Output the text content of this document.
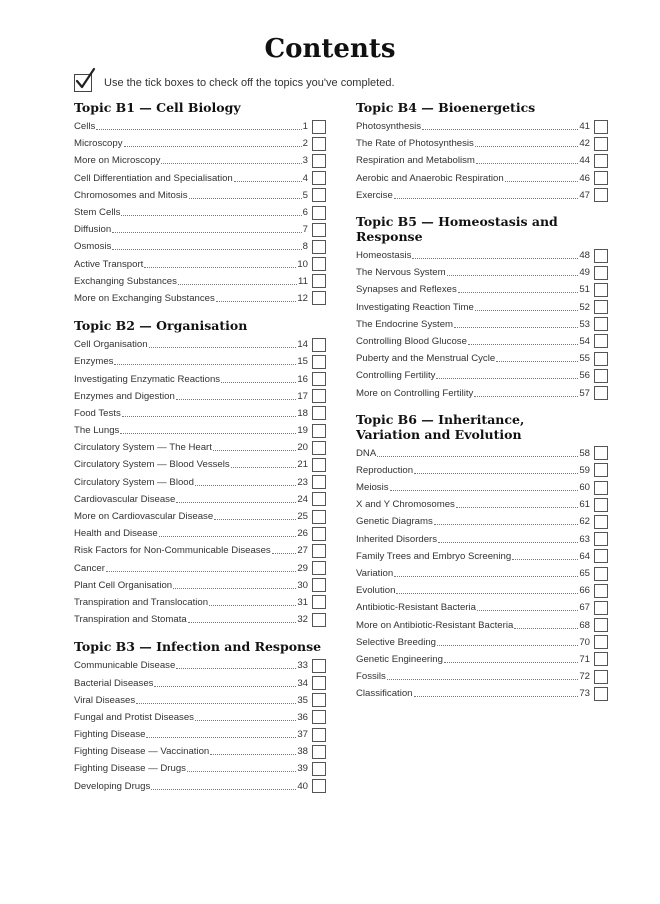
Contents
Use the tick boxes to check off the topics you've completed.
Topic B1 — Cell Biology
Cells	1
Microscopy	2
More on Microscopy	3
Cell Differentiation and Specialisation	4
Chromosomes and Mitosis	5
Stem Cells	6
Diffusion	7
Osmosis	8
Active Transport	10
Exchanging Substances	11
More on Exchanging Substances	12
Topic B2 — Organisation
Cell Organisation	14
Enzymes	15
Investigating Enzymatic Reactions	16
Enzymes and Digestion	17
Food Tests	18
The Lungs	19
Circulatory System — The Heart	20
Circulatory System — Blood Vessels	21
Circulatory System — Blood	23
Cardiovascular Disease	24
More on Cardiovascular Disease	25
Health and Disease	26
Risk Factors for Non-Communicable Diseases	27
Cancer	29
Plant Cell Organisation	30
Transpiration and Translocation	31
Transpiration and Stomata	32
Topic B3 — Infection and Response
Communicable Disease	33
Bacterial Diseases	34
Viral Diseases	35
Fungal and Protist Diseases	36
Fighting Disease	37
Fighting Disease — Vaccination	38
Fighting Disease — Drugs	39
Developing Drugs	40
Topic B4 — Bioenergetics
Photosynthesis	41
The Rate of Photosynthesis	42
Respiration and Metabolism	44
Aerobic and Anaerobic Respiration	46
Exercise	47
Topic B5 — Homeostasis and Response
Homeostasis	48
The Nervous System	49
Synapses and Reflexes	51
Investigating Reaction Time	52
The Endocrine System	53
Controlling Blood Glucose	54
Puberty and the Menstrual Cycle	55
Controlling Fertility	56
More on Controlling Fertility	57
Topic B6 — Inheritance, Variation and Evolution
DNA	58
Reproduction	59
Meiosis	60
X and Y Chromosomes	61
Genetic Diagrams	62
Inherited Disorders	63
Family Trees and Embryo Screening	64
Variation	65
Evolution	66
Antibiotic-Resistant Bacteria	67
More on Antibiotic-Resistant Bacteria	68
Selective Breeding	70
Genetic Engineering	71
Fossils	72
Classification	73
